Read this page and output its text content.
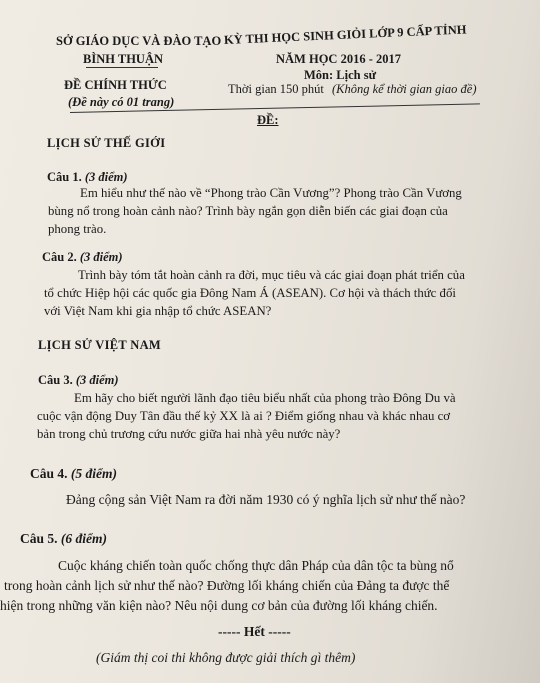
SỞ GIÁO DỤC VÀ ĐÀO TẠO
BÌNH THUẬN
ĐỀ CHÍNH THỨC
(Đề này có 01 trang)
KỲ THI HỌC SINH GIỎI LỚP 9 CẤP TỈNH
NĂM HỌC 2016 - 2017
Môn: Lịch sử
Thời gian 150 phút (Không kể thời gian giao đề)
ĐỀ:
LỊCH SỬ THẾ GIỚI
Câu 1. (3 điểm)
Em hiểu như thế nào về “Phong trào Cần Vương”? Phong trào Cần Vương
bùng nổ trong hoàn cảnh nào? Trình bày ngắn gọn diễn biến các giai đoạn của
phong trào.
Câu 2. (3 điểm)
Trình bày tóm tắt hoàn cảnh ra đời, mục tiêu và các giai đoạn phát triển của
tổ chức Hiệp hội các quốc gia Đông Nam Á (ASEAN). Cơ hội và thách thức đối
với Việt Nam khi gia nhập tổ chức ASEAN?
LỊCH SỬ VIỆT NAM
Câu 3. (3 điểm)
Em hãy cho biết người lãnh đạo tiêu biểu nhất của phong trào Đông Du và
cuộc vận động Duy Tân đầu thế kỷ XX là ai ? Điểm giống nhau và khác nhau cơ
bản trong chủ trương cứu nước giữa hai nhà yêu nước này?
Câu 4. (5 điểm)
Đảng cộng sản Việt Nam ra đời năm 1930 có ý nghĩa lịch sử như thế nào?
Câu 5. (6 điểm)
Cuộc kháng chiến toàn quốc chống thực dân Pháp của dân tộc ta bùng nổ
trong hoàn cảnh lịch sử như thế nào? Đường lối kháng chiến của Đảng ta được thể
hiện trong những văn kiện nào? Nêu nội dung cơ bản của đường lối kháng chiến.
----- Hết -----
(Giám thị coi thi không được giải thích gì thêm)
